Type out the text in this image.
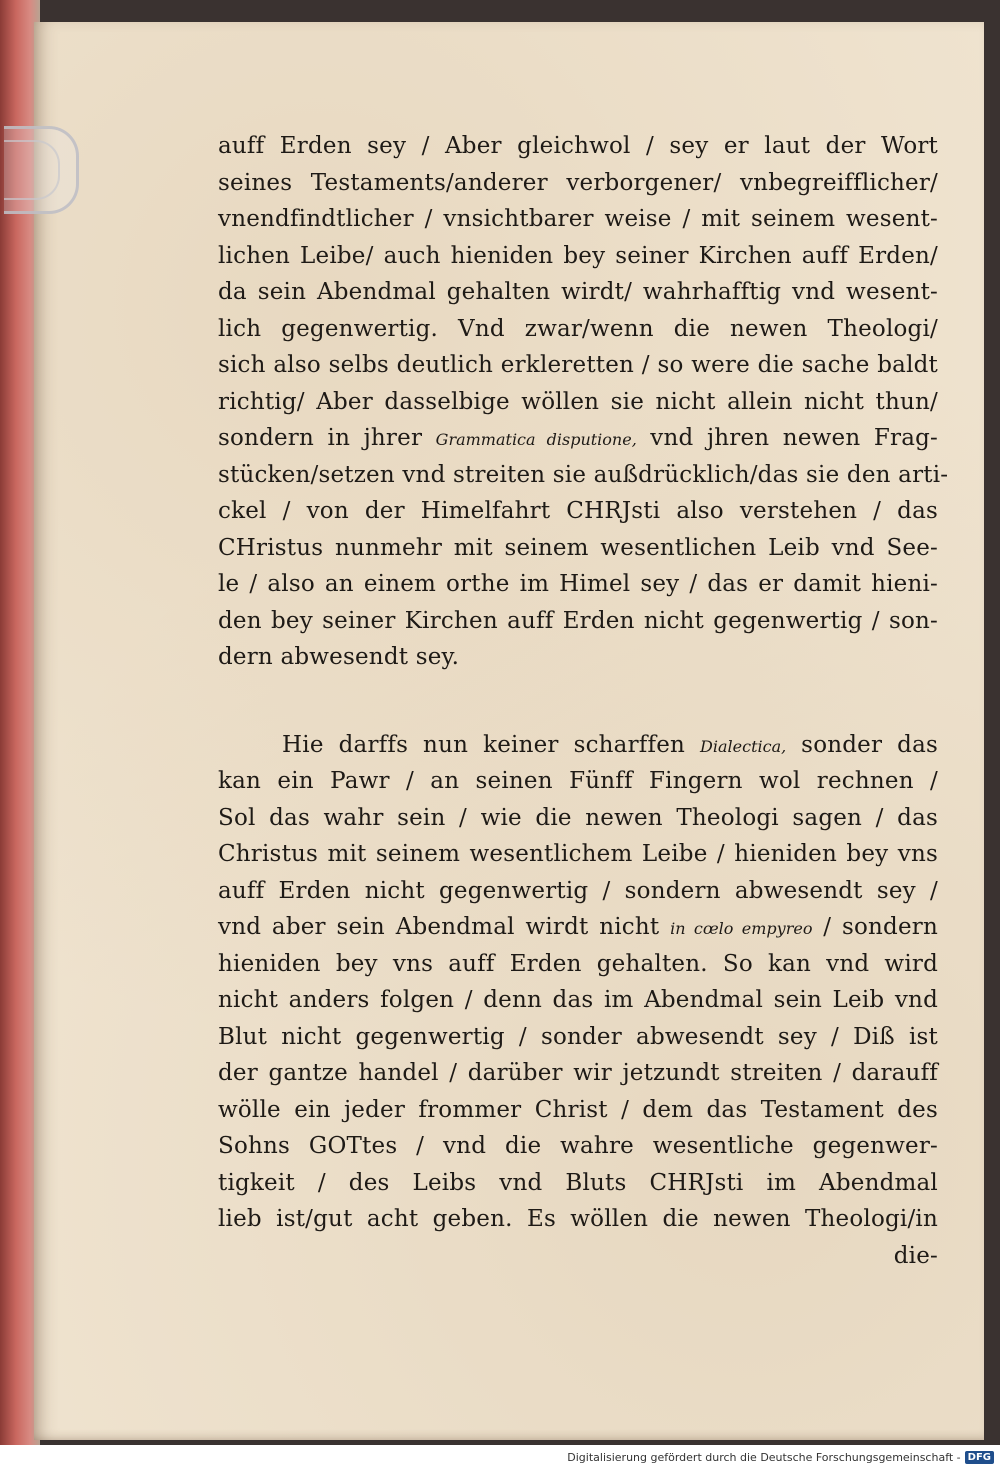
auff Erden sey / Aber gleichwol / sey er laut der Wort
seines Testaments/anderer verborgener/ vnbegreifflicher/
vnendfindtlicher / vnsichtbarer weise / mit seinem wesent-
lichen Leibe/ auch hieniden bey seiner Kirchen auff Erden/
da sein Abendmal gehalten wirdt/ wahrhafftig vnd wesent-
lich gegenwertig. Vnd zwar/wenn die newen Theologi/
sich also selbs deutlich erkleretten / so were die sache baldt
richtig/ Aber dasselbige wöllen sie nicht allein nicht thun/
sondern in jhrer Grammatica disputione, vnd jhren newen Frag-
stücken/setzen vnd streiten sie außdrücklich/das sie den arti-
ckel / von der Himelfahrt CHRJsti also verstehen / das
CHristus nunmehr mit seinem wesentlichen Leib vnd See-
le / also an einem orthe im Himel sey / das er damit hieni-
den bey seiner Kirchen auff Erden nicht gegenwertig / son-
dern abwesendt sey.
Hie darffs nun keiner scharffen Dialectica, sonder das
kan ein Pawr / an seinen Fünff Fingern wol rechnen /
Sol das wahr sein / wie die newen Theologi sagen / das
Christus mit seinem wesentlichem Leibe / hieniden bey vns
auff Erden nicht gegenwertig / sondern abwesendt sey /
vnd aber sein Abendmal wirdt nicht in cœlo empyreo / sondern
hieniden bey vns auff Erden gehalten. So kan vnd wird
nicht anders folgen / denn das im Abendmal sein Leib vnd
Blut nicht gegenwertig / sonder abwesendt sey / Diß ist
der gantze handel / darüber wir jetzundt streiten / darauff
wölle ein jeder frommer Christ / dem das Testament des
Sohns GOTtes / vnd die wahre wesentliche gegenwer-
tigkeit / des Leibs vnd Bluts CHRJsti im Abendmal
lieb ist/gut acht geben. Es wöllen die newen Theologi/in
die-
Digitalisierung gefördert durch die Deutsche Forschungsgemeinschaft - DFG
